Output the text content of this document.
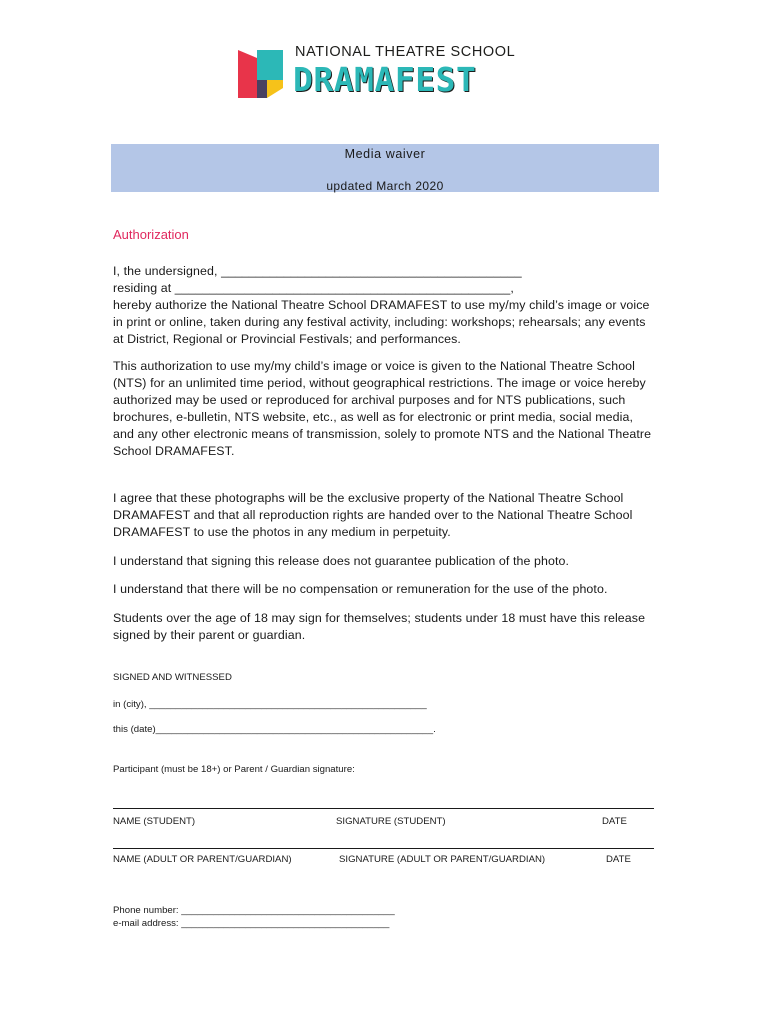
NATIONAL THEATRE SCHOOL
DRAMAFEST
Media waiver
updated March 2020
Authorization

I, the undersigned, ___________________________________________

residing at ________________________________________________,

hereby authorize the National Theatre School DRAMAFEST to use my/my child’s image or voice

in print or online, taken during any festival activity, including: workshops; rehearsals; any events

at District, Regional or Provincial Festivals; and performances.

This authorization to use my/my child’s image or voice is given to the National Theatre School

(NTS) for an unlimited time period, without geographical restrictions. The image or voice hereby

authorized may be used or reproduced for archival purposes and for NTS publications, such

brochures, e-bulletin, NTS website, etc., as well as for electronic or print media, social media,

and any other electronic means of transmission, solely to promote NTS and the National Theatre

School DRAMAFEST.

I agree that these photographs will be the exclusive property of the National Theatre School

DRAMAFEST and that all reproduction rights are handed over to the National Theatre School

DRAMAFEST to use the photos in any medium in perpetuity.

I understand that signing this release does not guarantee publication of the photo.

I understand that there will be no compensation or remuneration for the use of the photo.

Students over the age of 18 may sign for themselves; students under 18 must have this release

signed by their parent or guardian.

SIGNED AND WITNESSED
in (city), ____________________________________________________
this (date)____________________________________________________.
Participant (must be 18+) or Parent / Guardian signature:
NAME (STUDENT)	SIGNATURE (STUDENT)	DATE
NAME (ADULT OR PARENT/GUARDIAN)	SIGNATURE (ADULT OR PARENT/GUARDIAN)	DATE
Phone number: ________________________________________
e-mail address: _______________________________________
